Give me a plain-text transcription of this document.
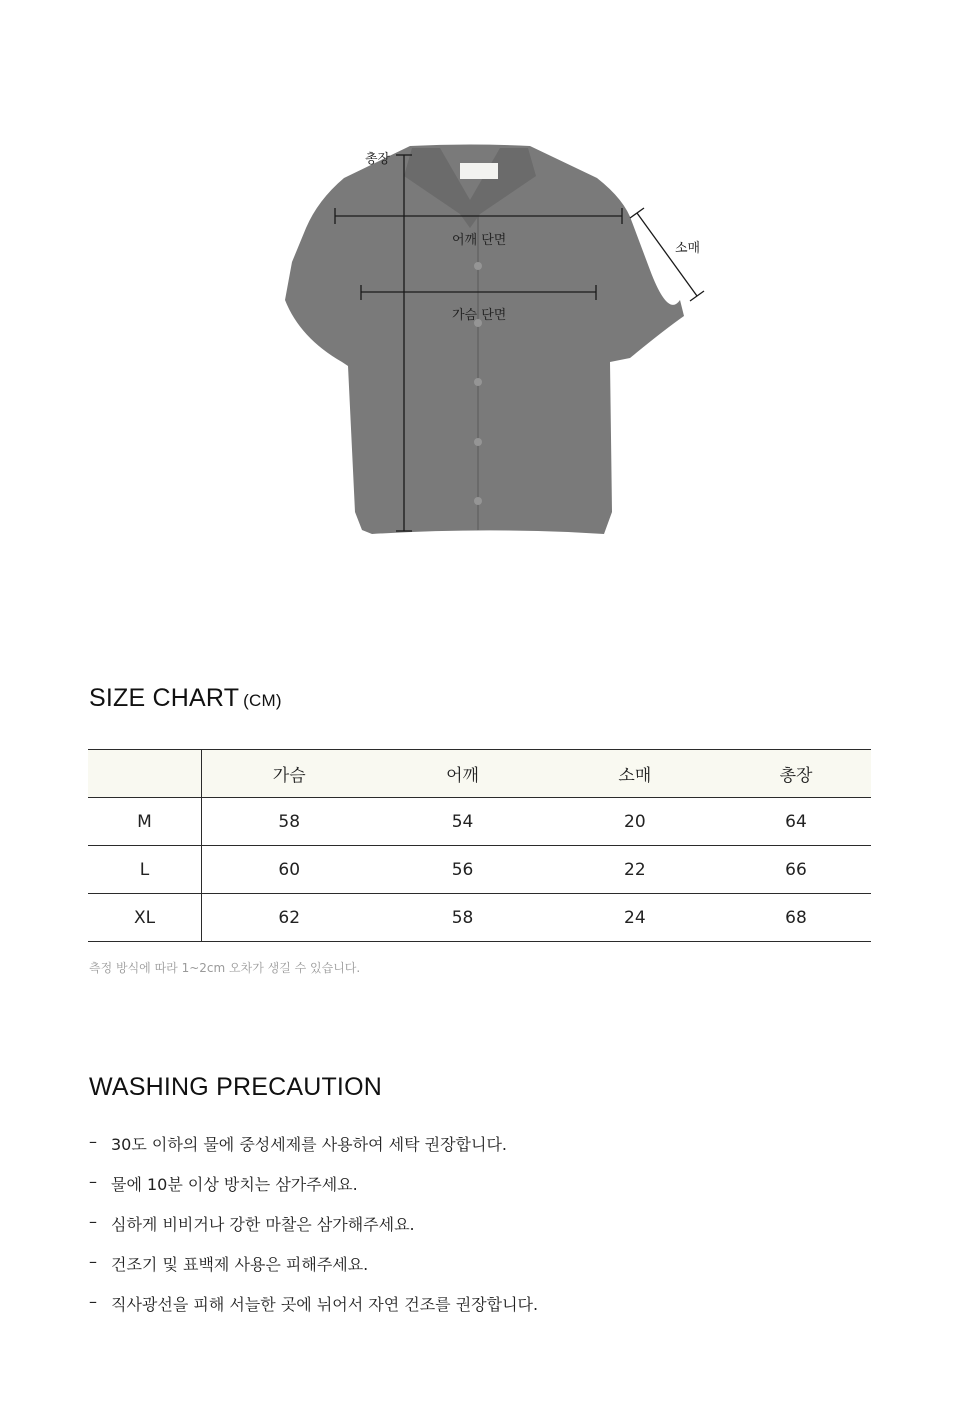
총장
어깨 단면
소매
가슴 단면
SIZE CHART (CM)
	가슴	어깨	소매	총장
M	58	54	20	64
L	60	56	22	66
XL	62	58	24	68
측정 방식에 따라 1~2cm 오차가 생길 수 있습니다.
WASHING PRECAUTION
– 30도 이하의 물에 중성세제를 사용하여 세탁 권장합니다.
– 물에 10분 이상 방치는 삼가주세요.
– 심하게 비비거나 강한 마찰은 삼가해주세요.
– 건조기 및 표백제 사용은 피해주세요.
– 직사광선을 피해 서늘한 곳에 뉘어서 자연 건조를 권장합니다.
